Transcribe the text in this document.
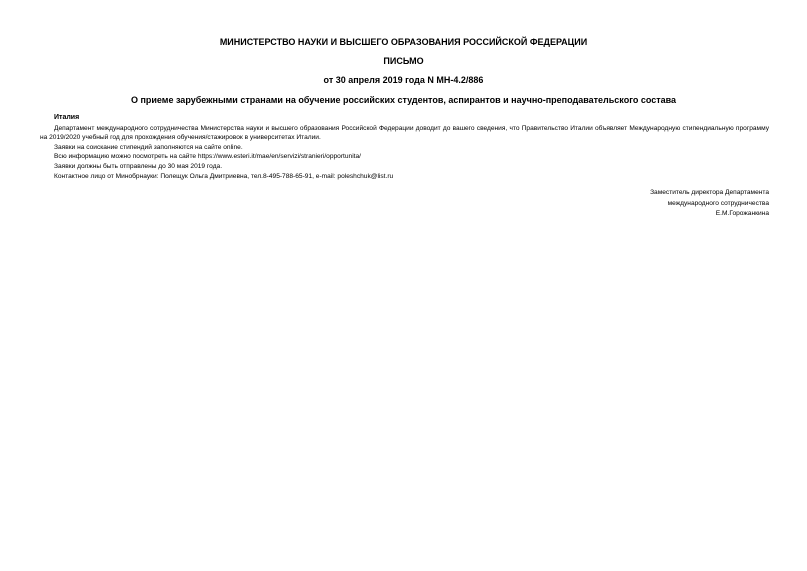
МИНИСТЕРСТВО НАУКИ И ВЫСШЕГО ОБРАЗОВАНИЯ РОССИЙСКОЙ ФЕДЕРАЦИИ
ПИСЬМО
от 30 апреля 2019 года N МН-4.2/886
О приеме зарубежными странами на обучение российских студентов, аспирантов и научно-преподавательского состава

Италия

Департамент международного сотрудничества Министерства науки и высшего образования Российской Федерации доводит до вашего сведения, что Правительство Италии объявляет Международную стипендиальную программу на 2019/2020 учебный год для прохождения обучения/стажировок в университетах Италии.

Заявки на соискание стипендий заполняются на сайте online.

Всю информацию можно посмотреть на сайте https://www.esteri.it/mae/en/servizi/stranieri/opportunita/

Заявки должны быть отправлены до 30 мая 2019 года.

Контактное лицо от Минобрнауки: Полещук Ольга Дмитриевна, тел.8-495-788-65-91, e-mail: poleshchuk@list.ru

Заместитель директора Департамента
международного сотрудничества
Е.М.Горожанкина
